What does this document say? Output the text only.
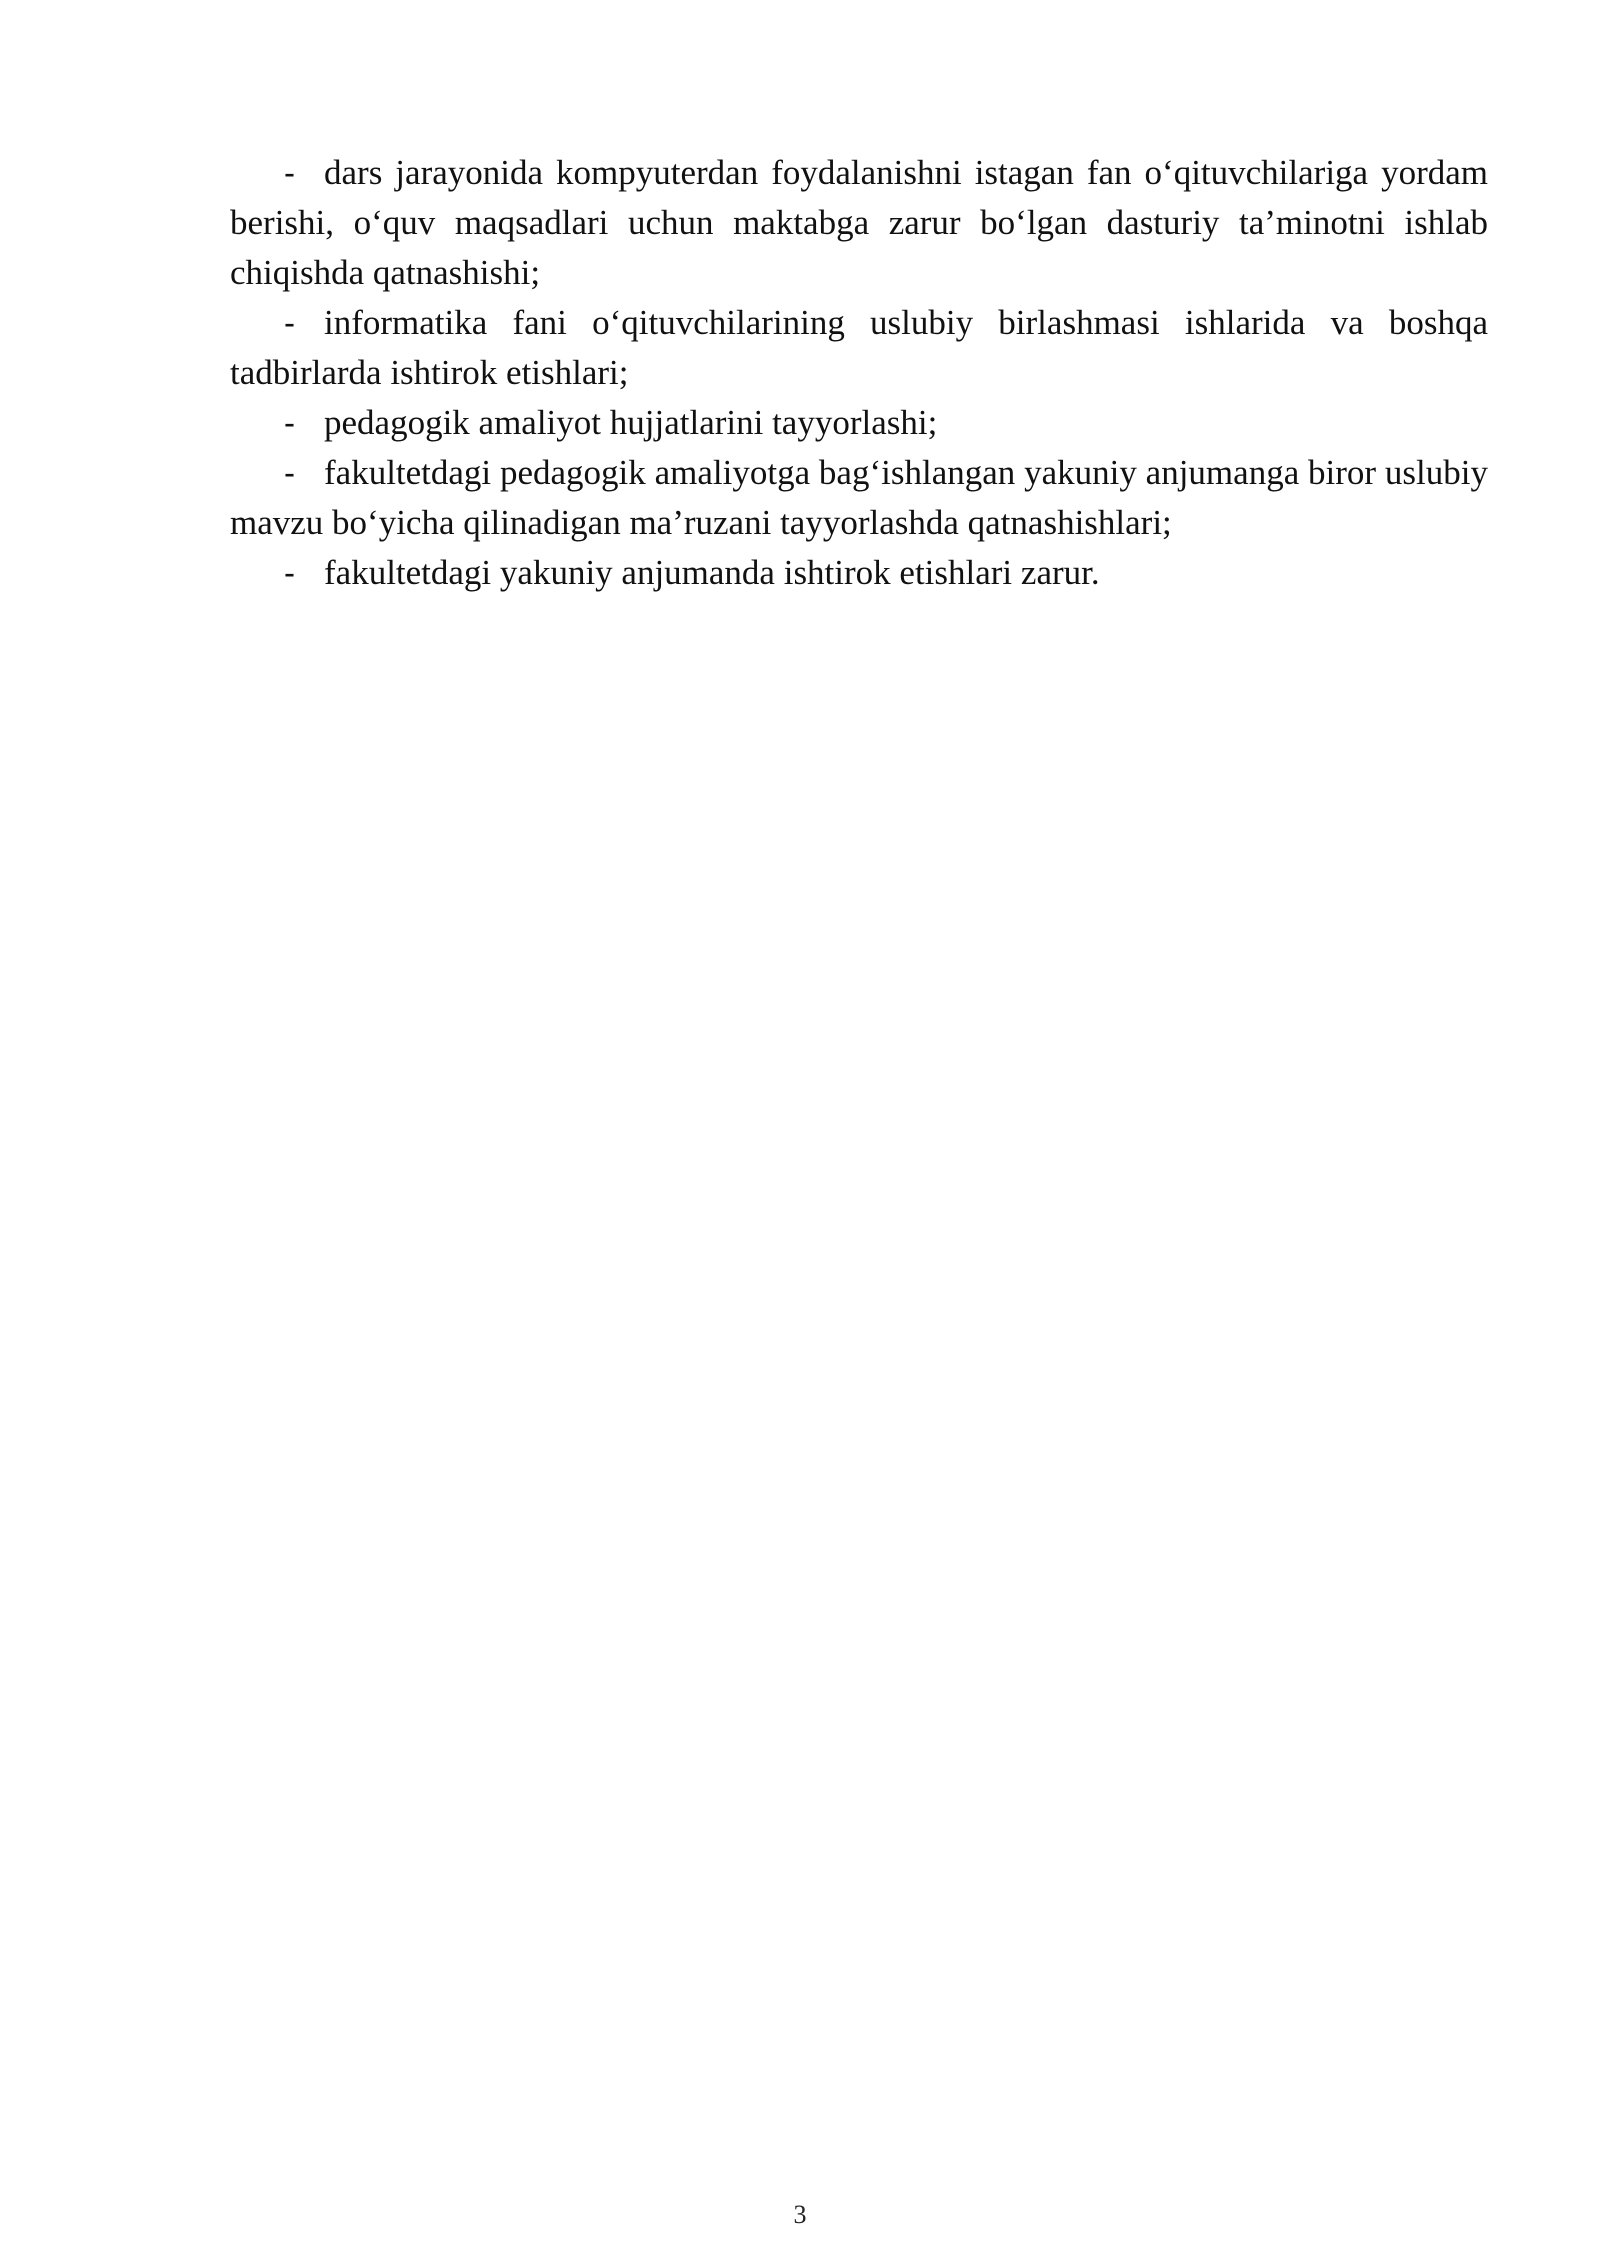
- dars jarayonida kompyuterdan foydalanishni istagan fan o‘qituvchilariga yordam berishi, o‘quv maqsadlari uchun maktabga zarur bo‘lgan dasturiy ta’minotni ishlab chiqishda qatnashishi;

- informatika fani o‘qituvchilarining uslubiy birlashmasi ishlarida va boshqa tadbirlarda ishtirok etishlari;

- pedagogik amaliyot hujjatlarini tayyorlashi;

- fakultetdagi pedagogik amaliyotga bag‘ishlangan yakuniy anjumanga biror uslubiy mavzu bo‘yicha qilinadigan ma’ruzani tayyorlashda qatnashishlari;

- fakultetdagi yakuniy anjumanda ishtirok etishlari zarur.

3
